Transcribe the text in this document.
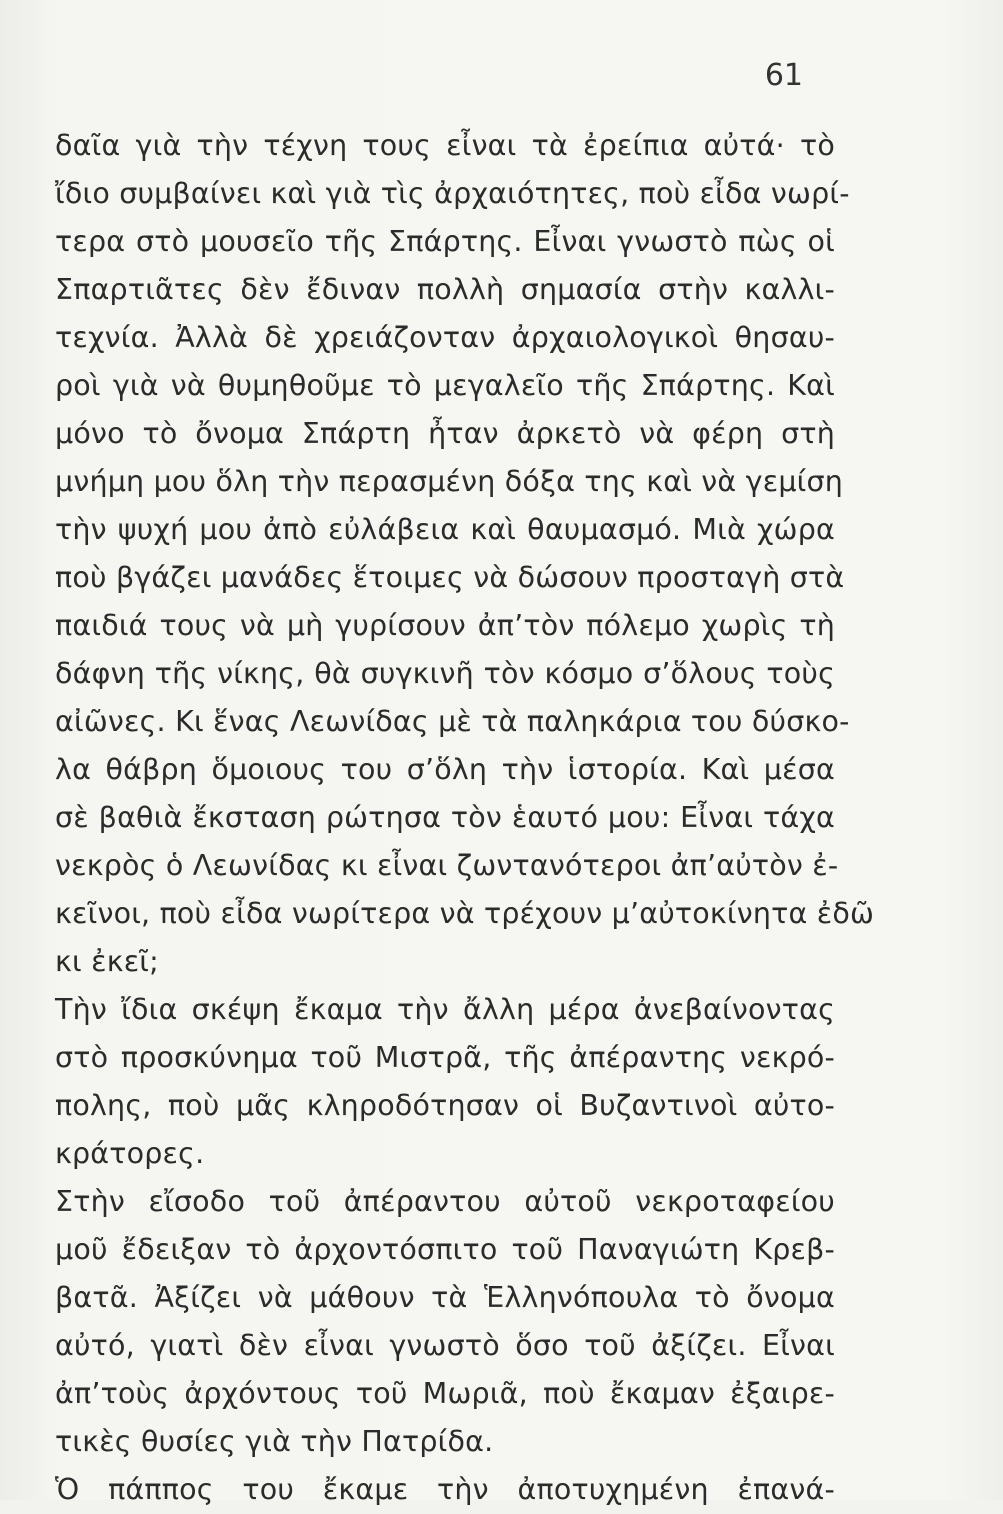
61
δαῖα γιὰ τὴν τέχνη τους εἶναι τὰ ἐρείπια αὐτά· τὸ
ἴδιο συμβαίνει καὶ γιὰ τὶς ἀρχαιότητες, ποὺ εἶδα νωρί-
τερα στὸ μουσεῖο τῆς Σπάρτης. Εἶναι γνωστὸ πὼς οἱ
Σπαρτιᾶτες δὲν ἔδιναν πολλὴ σημασία στὴν καλλι-
τεχνία. Ἀλλὰ δὲ χρειάζονταν ἀρχαιολογικοὶ θησαυ-
ροὶ γιὰ νὰ θυμηθοῦμε τὸ μεγαλεῖο τῆς Σπάρτης. Καὶ
μόνο τὸ ὄνομα Σπάρτη ἦταν ἀρκετὸ νὰ φέρη στὴ
μνήμη μου ὅλη τὴν περασμένη δόξα της καὶ νὰ γεμίση
τὴν ψυχή μου ἀπὸ εὐλάβεια καὶ θαυμασμό. Μιὰ χώρα
ποὺ βγάζει μανάδες ἕτοιμες νὰ δώσουν προσταγὴ στὰ
παιδιά τους νὰ μὴ γυρίσουν ἀπ’τὸν πόλεμο χωρὶς τὴ
δάφνη τῆς νίκης, θὰ συγκινῆ τὸν κόσμο σ’ὅλους τοὺς
αἰῶνες. Κι ἕνας Λεωνίδας μὲ τὰ παληκάρια του δύσκο-
λα θάβρη ὅμοιους του σ’ὅλη τὴν ἱστορία. Καὶ μέσα
σὲ βαθιὰ ἔκσταση ρώτησα τὸν ἑαυτό μου: Εἶναι τάχα
νεκρὸς ὁ Λεωνίδας κι εἶναι ζωντανότεροι ἀπ’αὐτὸν ἐ-
κεῖνοι, ποὺ εἶδα νωρίτερα νὰ τρέχουν μ’αὐτοκίνητα ἐδῶ
κι ἐκεῖ;
Τὴν ἴδια σκέψη ἔκαμα τὴν ἄλλη μέρα ἀνεβαίνοντας
στὸ προσκύνημα τοῦ Μιστρᾶ, τῆς ἀπέραντης νεκρό-
πολης, ποὺ μᾶς κληροδότησαν οἱ Βυζαντινοὶ αὐτο-
κράτορες.
Στὴν εἴσοδο τοῦ ἀπέραντου αὐτοῦ νεκροταφείου
μοῦ ἔδειξαν τὸ ἀρχοντόσπιτο τοῦ Παναγιώτη Κρεβ-
βατᾶ. Ἀξίζει νὰ μάθουν τὰ Ἑλληνόπουλα τὸ ὄνομα
αὐτό, γιατὶ δὲν εἶναι γνωστὸ ὅσο τοῦ ἀξίζει. Εἶναι
ἀπ’τοὺς ἀρχόντους τοῦ Μωριᾶ, ποὺ ἔκαμαν ἐξαιρε-
τικὲς θυσίες γιὰ τὴν Πατρίδα.
Ὁ πάππος του ἔκαμε τὴν ἀποτυχημένη ἐπανά-
